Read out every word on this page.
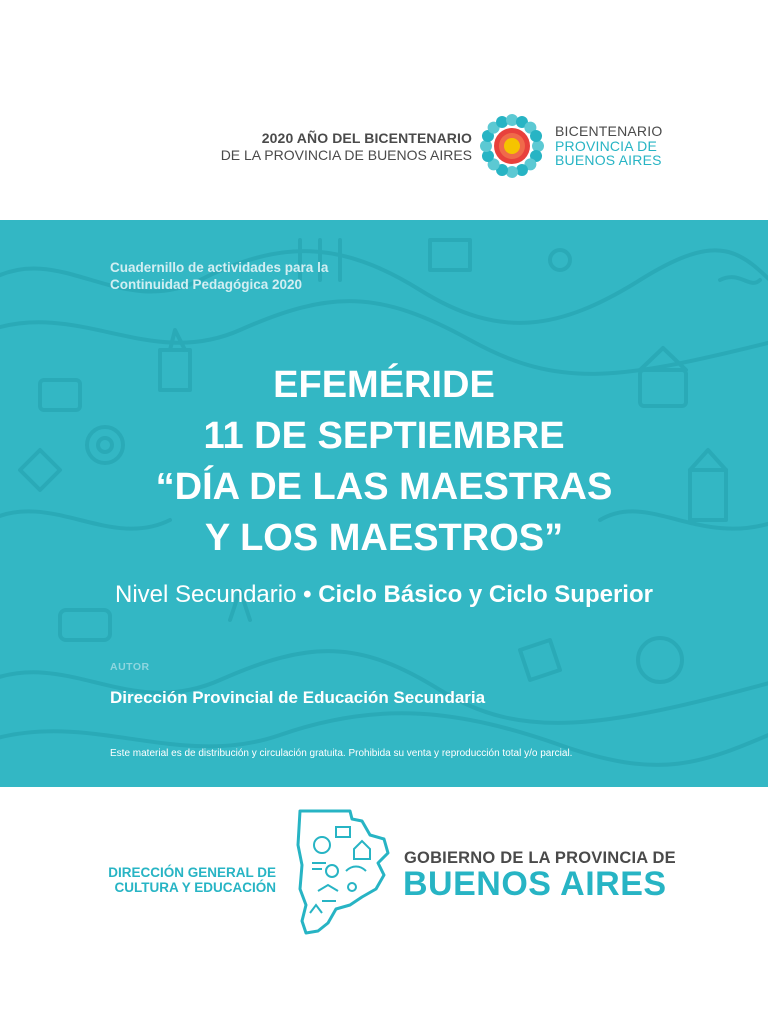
2020 AÑO DEL BICENTENARIO
DE LA PROVINCIA DE BUENOS AIRES
BICENTENARIO
PROVINCIA DE
BUENOS AIRES
Cuadernillo de actividades para la
Continuidad Pedagógica 2020
EFEMÉRIDE
11 DE SEPTIEMBRE
“DÍA DE LAS MAESTRAS
Y LOS MAESTROS”
Nivel Secundario • Ciclo Básico y Ciclo Superior
AUTOR
Dirección Provincial de Educación Secundaria
Este material es de distribución y circulación gratuita. Prohibida su venta y reproducción total y/o parcial.
DIRECCIÓN GENERAL DE
CULTURA Y EDUCACIÓN
GOBIERNO DE LA PROVINCIA DE
BUENOS AIRES
